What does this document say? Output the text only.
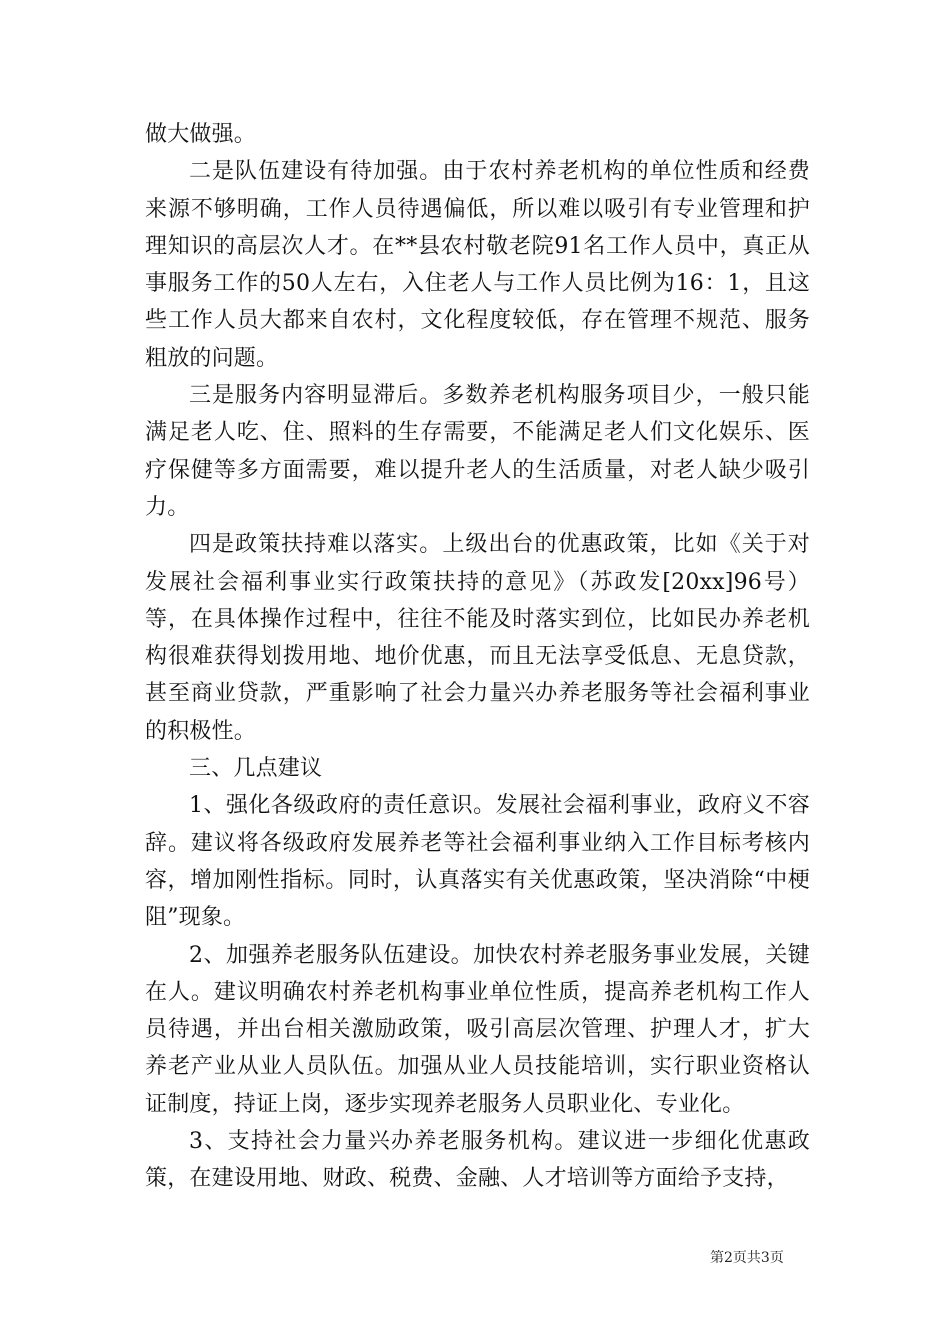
做大做强。

二是队伍建设有待加强。由于农村养老机构的单位性质和经费来源不够明确，工作人员待遇偏低，所以难以吸引有专业管理和护理知识的高层次人才。在**县农村敬老院91名工作人员中，真正从事服务工作的50人左右，入住老人与工作人员比例为16：1，且这些工作人员大都来自农村，文化程度较低，存在管理不规范、服务粗放的问题。

三是服务内容明显滞后。多数养老机构服务项目少，一般只能满足老人吃、住、照料的生存需要，不能满足老人们文化娱乐、医疗保健等多方面需要，难以提升老人的生活质量，对老人缺少吸引力。

四是政策扶持难以落实。上级出台的优惠政策，比如《关于对发展社会福利事业实行政策扶持的意见》（苏政发[20xx]96号）等，在具体操作过程中，往往不能及时落实到位，比如民办养老机构很难获得划拨用地、地价优惠，而且无法享受低息、无息贷款，甚至商业贷款，严重影响了社会力量兴办养老服务等社会福利事业的积极性。

三、几点建议

1、强化各级政府的责任意识。发展社会福利事业，政府义不容辞。建议将各级政府发展养老等社会福利事业纳入工作目标考核内容，增加刚性指标。同时，认真落实有关优惠政策，坚决消除“中梗阻”现象。

2、加强养老服务队伍建设。加快农村养老服务事业发展，关键在人。建议明确农村养老机构事业单位性质，提高养老机构工作人员待遇，并出台相关激励政策，吸引高层次管理、护理人才，扩大养老产业从业人员队伍。加强从业人员技能培训，实行职业资格认证制度，持证上岗，逐步实现养老服务人员职业化、专业化。

3、支持社会力量兴办养老服务机构。建议进一步细化优惠政策，在建设用地、财政、税费、金融、人才培训等方面给予支持，

第2页共3页
